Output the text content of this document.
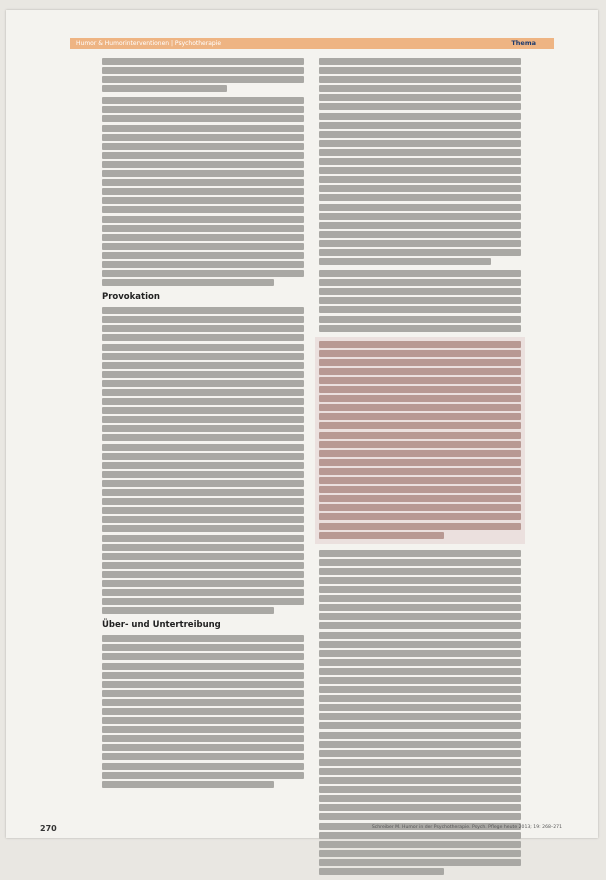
Humor & Humorinterventionen | Psychotherapie	Thema
Provokation
Über- und Untertreibung
270	Schreiber M. Humor in der Psychotherapie. Psych. Pflege heute 2013; 19: 268–271
